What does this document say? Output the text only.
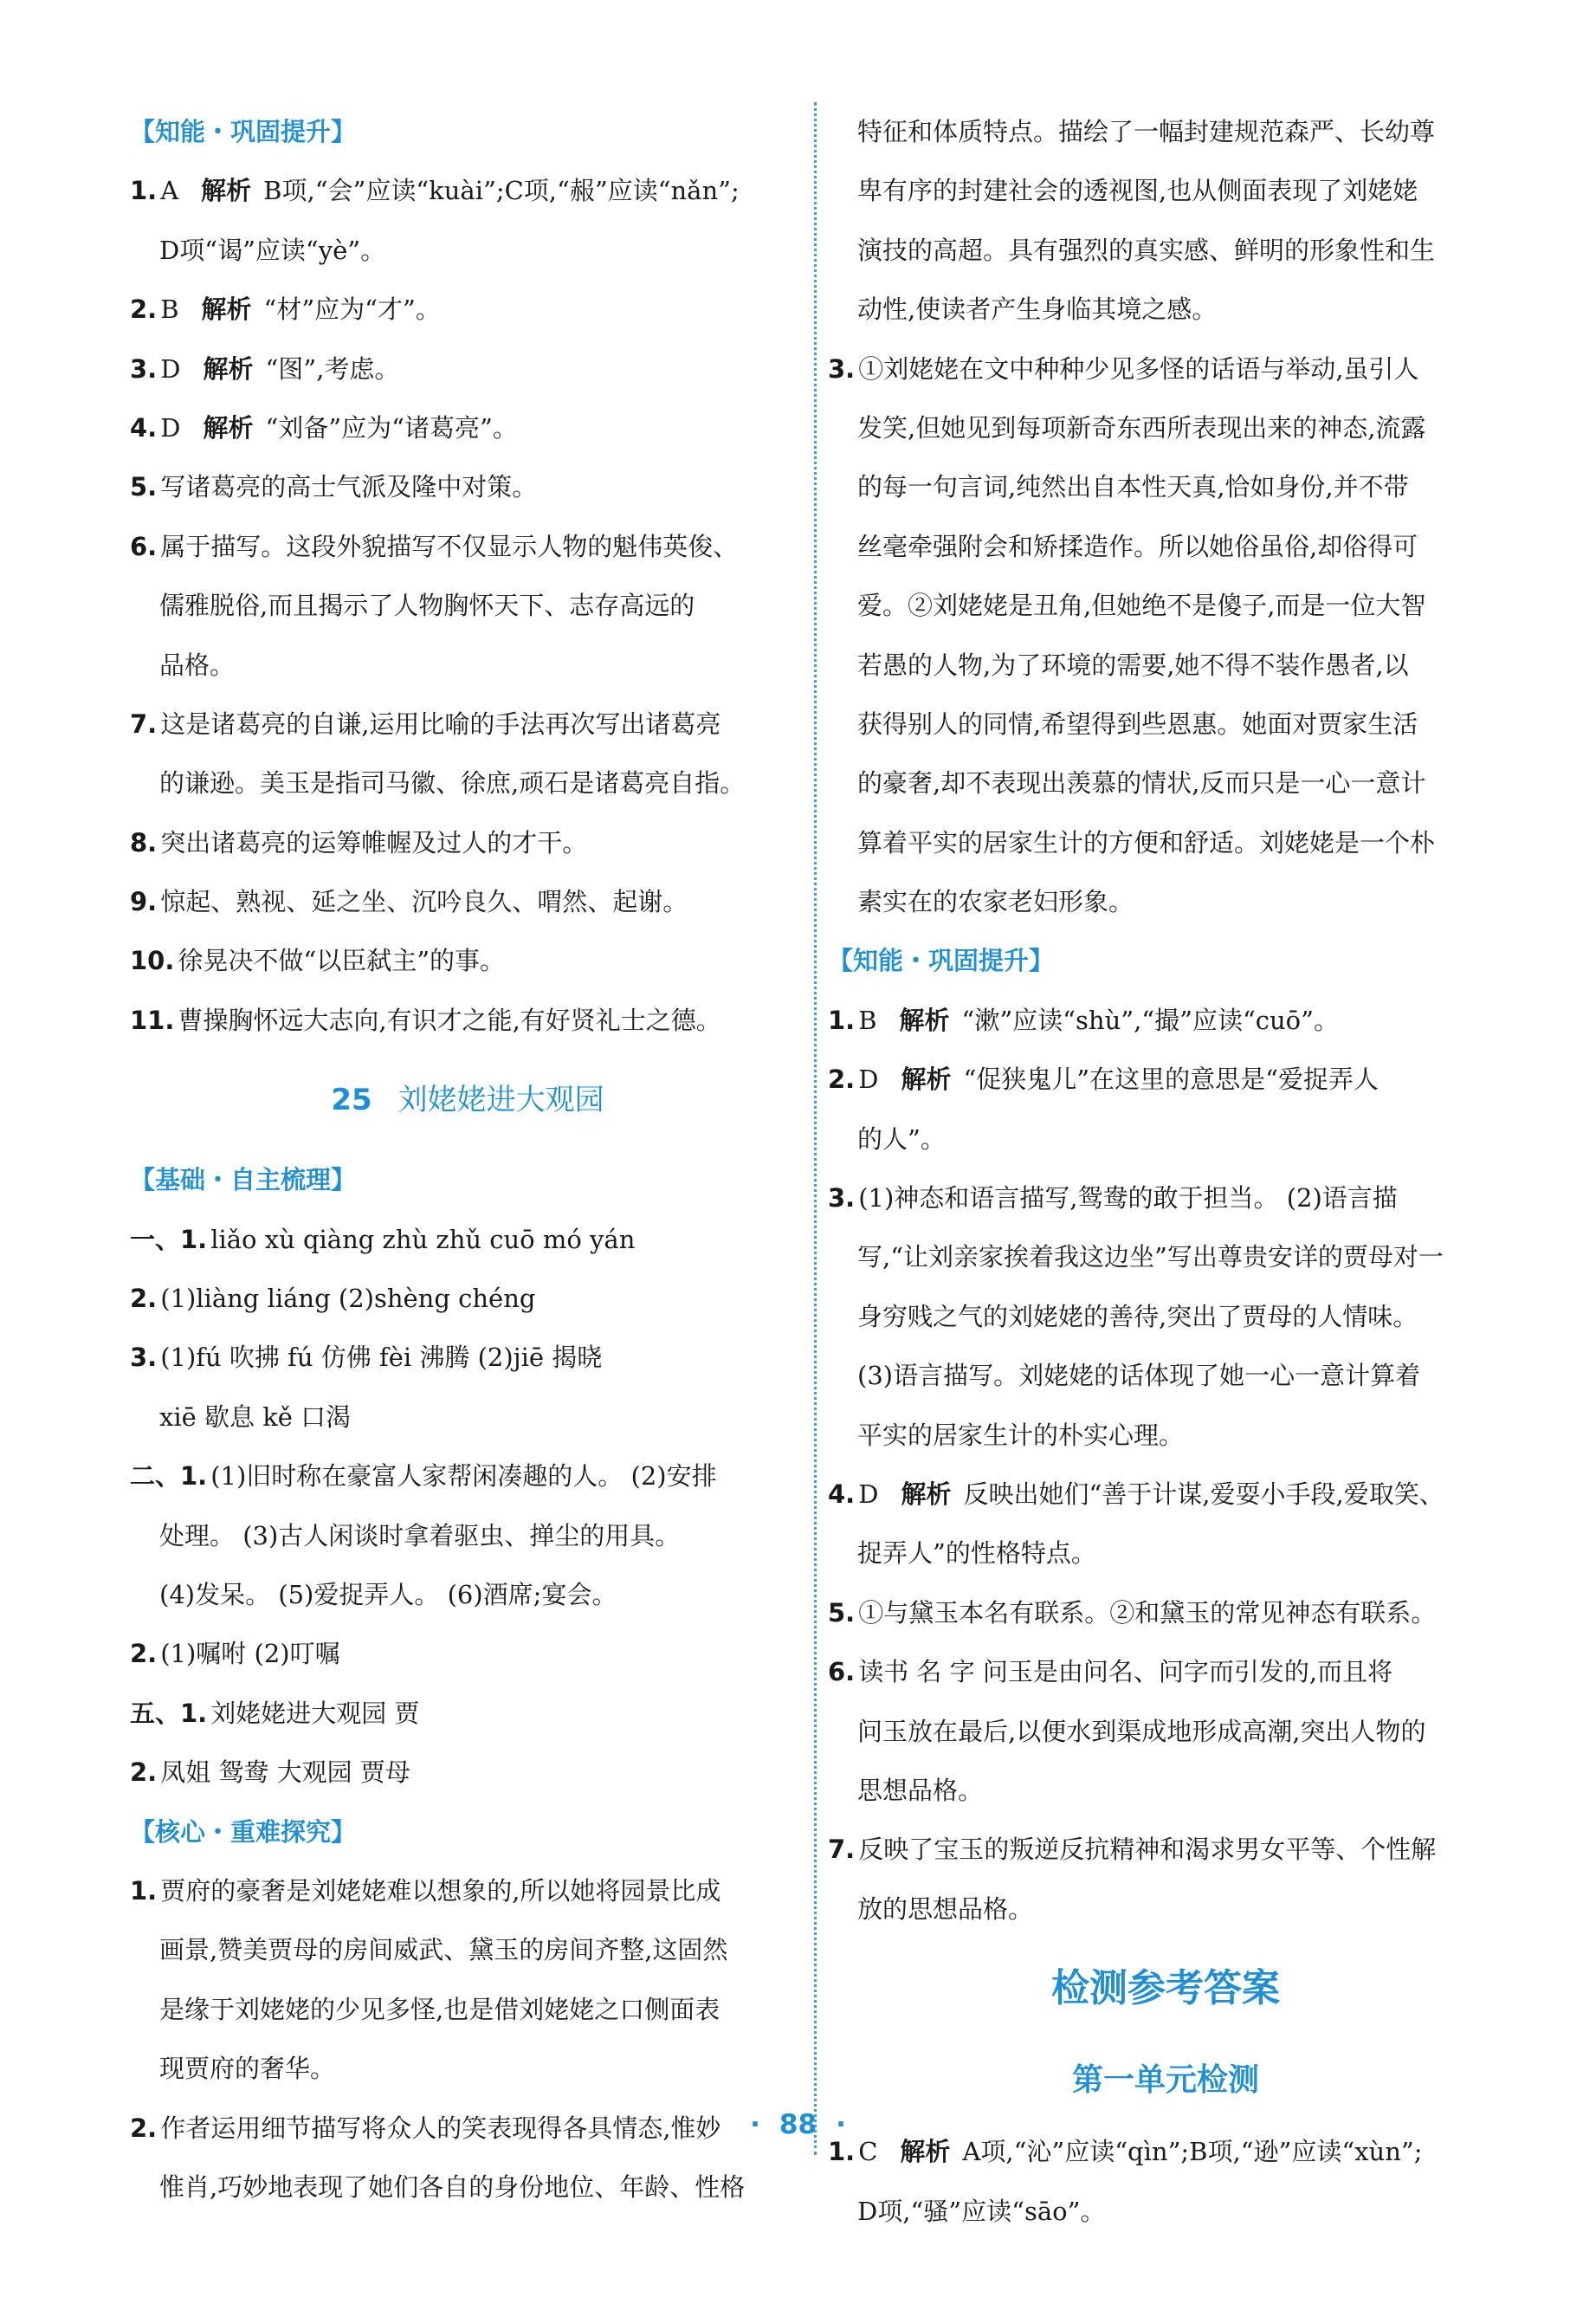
【知能・巩固提升】
1. A 解析 B项,“会”应读“kuài”;C项,“赧”应读“nǎn”;
D项“谒”应读“yè”。
2. B 解析 “材”应为“才”。
3. D 解析 “图”,考虑。
4. D 解析 “刘备”应为“诸葛亮”。
5. 写诸葛亮的高士气派及隆中对策。
6. 属于描写。这段外貌描写不仅显示人物的魁伟英俊、
儒雅脱俗,而且揭示了人物胸怀天下、志存高远的
品格。
7. 这是诸葛亮的自谦,运用比喻的手法再次写出诸葛亮
的谦逊。美玉是指司马徽、徐庶,顽石是诸葛亮自指。
8. 突出诸葛亮的运筹帷幄及过人的才干。
9. 惊起、熟视、延之坐、沉吟良久、喟然、起谢。
10. 徐晃决不做“以臣弑主”的事。
11. 曹操胸怀远大志向,有识才之能,有好贤礼士之德。
25 刘姥姥进大观园
【基础・自主梳理】
一、1. liǎo xù qiàng zhù zhǔ cuō mó yán
2. (1)liàng liáng (2)shèng chéng
3. (1)fú 吹拂 fú 仿佛 fèi 沸腾 (2)jiē 揭晓
xiē 歇息 kě 口渴
二、1. (1)旧时称在豪富人家帮闲凑趣的人。 (2)安排
处理。 (3)古人闲谈时拿着驱虫、掸尘的用具。
(4)发呆。 (5)爱捉弄人。 (6)酒席;宴会。
2. (1)嘱咐 (2)叮嘱
五、1. 刘姥姥进大观园 贾
2. 凤姐 鸳鸯 大观园 贾母
【核心・重难探究】
1. 贾府的豪奢是刘姥姥难以想象的,所以她将园景比成
画景,赞美贾母的房间威武、黛玉的房间齐整,这固然
是缘于刘姥姥的少见多怪,也是借刘姥姥之口侧面表
现贾府的奢华。
2. 作者运用细节描写将众人的笑表现得各具情态,惟妙
惟肖,巧妙地表现了她们各自的身份地位、年龄、性格
特征和体质特点。描绘了一幅封建规范森严、长幼尊
卑有序的封建社会的透视图,也从侧面表现了刘姥姥
演技的高超。具有强烈的真实感、鲜明的形象性和生
动性,使读者产生身临其境之感。
3. ①刘姥姥在文中种种少见多怪的话语与举动,虽引人
发笑,但她见到每项新奇东西所表现出来的神态,流露
的每一句言词,纯然出自本性天真,恰如身份,并不带
丝毫牵强附会和矫揉造作。所以她俗虽俗,却俗得可
爱。②刘姥姥是丑角,但她绝不是傻子,而是一位大智
若愚的人物,为了环境的需要,她不得不装作愚者,以
获得别人的同情,希望得到些恩惠。她面对贾家生活
的豪奢,却不表现出羡慕的情状,反而只是一心一意计
算着平实的居家生计的方便和舒适。刘姥姥是一个朴
素实在的农家老妇形象。
【知能・巩固提升】
1. B 解析 “漱”应读“shù”,“撮”应读“cuō”。
2. D 解析 “促狭鬼儿”在这里的意思是“爱捉弄人
的人”。
3. (1)神态和语言描写,鸳鸯的敢于担当。 (2)语言描
写,“让刘亲家挨着我这边坐”写出尊贵安详的贾母对一
身穷贱之气的刘姥姥的善待,突出了贾母的人情味。
(3)语言描写。刘姥姥的话体现了她一心一意计算着
平实的居家生计的朴实心理。
4. D 解析 反映出她们“善于计谋,爱耍小手段,爱取笑、
捉弄人”的性格特点。
5. ①与黛玉本名有联系。②和黛玉的常见神态有联系。
6. 读书 名 字 问玉是由问名、问字而引发的,而且将
问玉放在最后,以便水到渠成地形成高潮,突出人物的
思想品格。
7. 反映了宝玉的叛逆反抗精神和渴求男女平等、个性解
放的思想品格。
检测参考答案
第一单元检测
1. C 解析 A项,“沁”应读“qìn”;B项,“逊”应读“xùn”;
D项,“骚”应读“sāo”。
· 88 ·
